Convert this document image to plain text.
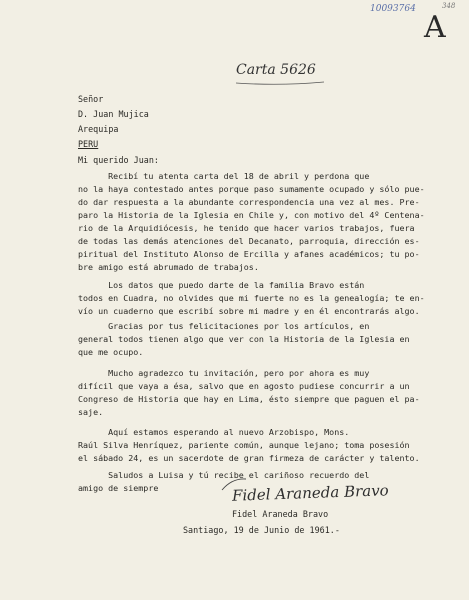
10093764	348
A
Carta 5626
Señor
D. Juan Mujica
Arequipa
PERU
Mi querido Juan:
Recibí tu atenta carta del 18 de abril y perdona que
no la haya contestado antes porque paso sumamente ocupado y sólo pue-
do dar respuesta a la abundante correspondencia una vez al mes. Pre-
paro la Historia de la Iglesia en Chile y, con motivo del 4º Centena-
rio de la Arquidiócesis, he tenido que hacer varios trabajos, fuera
de todas las demás atenciones del Decanato, parroquia, dirección es-
piritual del Instituto Alonso de Ercilla y afanes académicos; tu po-
bre amigo está abrumado de trabajos.
Los datos que puedo darte de la familia Bravo están
todos en Cuadra, no olvides que mi fuerte no es la genealogía; te en-
vío un cuaderno que escribí sobre mi madre y en él encontrarás algo.
Gracias por tus felicitaciones por los artículos, en
general todos tienen algo que ver con la Historia de la Iglesia en
que me ocupo.
Mucho agradezco tu invitación, pero por ahora es muy
difícil que vaya a ésa, salvo que en agosto pudiese concurrir a un
Congreso de Historia que hay en Lima, ésto siempre que paguen el pa-
saje.
Aquí estamos esperando al nuevo Arzobispo, Mons.
Raúl Silva Henríquez, pariente común, aunque lejano; toma posesión
el sábado 24, es un sacerdote de gran firmeza de carácter y talento.
Saludos a Luisa y tú recibe el cariñoso recuerdo del
amigo de siempre	Fidel Araneda Bravo
Fidel Araneda Bravo
Santiago, 19 de Junio de 1961.-
